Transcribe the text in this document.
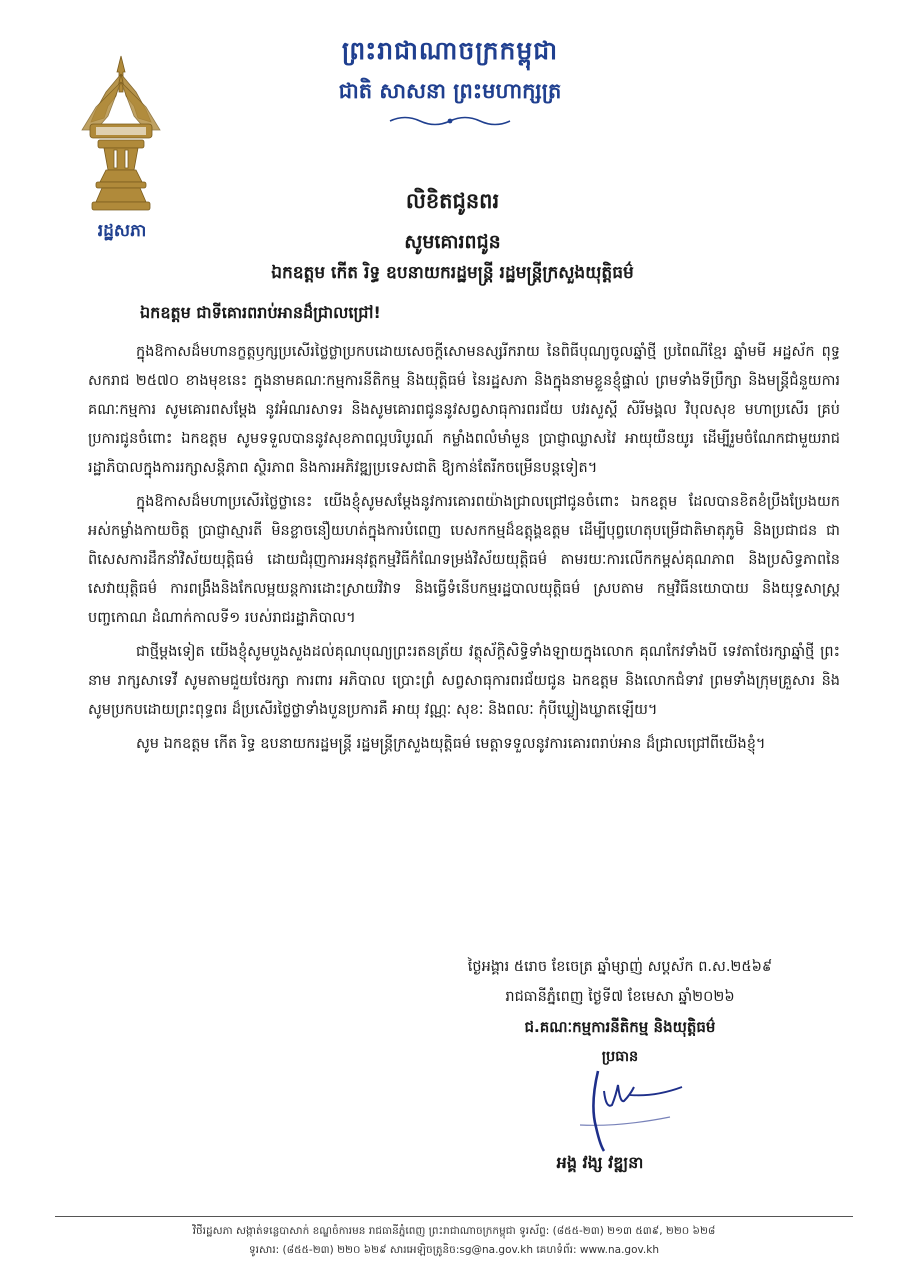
រដ្ឋសភា
ព្រះរាជាណាចក្រកម្ពុជា
ជាតិ សាសនា ព្រះមហាក្សត្រ
លិខិតជូនពរ
សូមគោរពជូន
ឯកឧត្តម កើត រិទ្ធ ឧបនាយករដ្ឋមន្ត្រី រដ្ឋមន្ត្រីក្រសួងយុត្តិធម៌
ឯកឧត្តម ជាទីគោរពរាប់អានដ៏ជ្រាលជ្រៅ!

ក្នុងឱកាសដ៏មហានក្ខត្តឫក្សប្រសើរថ្លៃថ្លាប្រកបដោយសេចក្តីសោមនស្សរីករាយ នៃពិធីបុណ្យចូលឆ្នាំថ្មី ប្រពៃណីខ្មែរ ឆ្នាំមមី អដ្ឋស័ក ពុទ្ធសករាជ ២៥៧០ ខាងមុខនេះ ក្នុងនាមគណៈកម្មការនីតិកម្ម និងយុត្តិធម៌ នៃរដ្ឋសភា និងក្នុងនាមខ្លួនខ្ញុំផ្ទាល់ ព្រមទាំងទីប្រឹក្សា និងមន្ត្រីជំនួយការគណៈកម្មការ សូមគោរពសម្តែង នូវអំណរសាទរ និងសូមគោរពជូននូវសព្វសាធុការពរជ័យ បវរសួស្តី សិរីមង្គល វិបុលសុខ មហាប្រសើរ គ្រប់ប្រការជូនចំពោះ ឯកឧត្តម សូមទទួលបាននូវសុខភាពល្អបរិបូរណ៍ កម្លាំងពលំមាំមួន ប្រាជ្ញាឈ្លាសវៃ អាយុយឺនយូរ ដើម្បីរួមចំណែកជាមួយរាជរដ្ឋាភិបាលក្នុងការរក្សាសន្តិភាព ស្ថិរភាព និងការអភិវឌ្ឍប្រទេសជាតិ ឱ្យកាន់តែរីកចម្រើនបន្តទៀត។

ក្នុងឱកាសដ៏មហាប្រសើរថ្លៃថ្លានេះ យើងខ្ញុំសូមសម្តែងនូវការគោរពយ៉ាងជ្រាលជ្រៅជូនចំពោះ ឯកឧត្តម ដែលបានខិតខំប្រឹងប្រែងយកអស់កម្លាំងកាយចិត្ត ប្រាជ្ញាស្មារតី មិនខ្លាចនឿយហត់ក្នុងការបំពេញ បេសកកម្មដ៏ឧត្តុង្គឧត្តម ដើម្បីបុព្វហេតុបម្រើជាតិមាតុភូមិ និងប្រជាជន ជាពិសេសការដឹកនាំវិស័យយុត្តិធម៌ ដោយជំរុញការអនុវត្តកម្មវិធីកំណែទម្រង់វិស័យយុត្តិធម៌ តាមរយៈការលើកកម្ពស់គុណភាព និងប្រសិទ្ធភាពនៃ សេវាយុត្តិធម៌ ការពង្រឹងនិងកែលម្អយន្តការដោះស្រាយវិវាទ និងធ្វើទំនើបកម្មរដ្ឋបាលយុត្តិធម៌ ស្របតាម កម្មវិធីនយោបាយ និងយុទ្ធសាស្ត្របញ្ចកោណ ដំណាក់កាលទី១ របស់រាជរដ្ឋាភិបាល។

ជាថ្មីម្តងទៀត យើងខ្ញុំសូមបួងសួងដល់គុណបុណ្យព្រះរតនត្រ័យ វត្ថុស័ក្តិសិទ្ធិទាំងឡាយក្នុងលោក គុណកែវទាំងបី ទេវតាថែរក្សាឆ្នាំថ្មី ព្រះនាម រាក្សសាទេវី សូមតាមជួយថែរក្សា ការពារ អភិបាល ប្រោះព្រំ សព្វសាធុការពរជ័យជូន ឯកឧត្តម និងលោកជំទាវ ព្រមទាំងក្រុមគ្រួសារ និងសូមប្រកបដោយព្រះពុទ្ធពរ ដ៏ប្រសើរថ្លៃថ្លាទាំងបួនប្រការគឺ អាយុ វណ្ណៈ សុខៈ និងពលៈ កុំបីឃ្លៀងឃ្លាតឡើយ។

សូម ឯកឧត្តម កើត រិទ្ធ ឧបនាយករដ្ឋមន្ត្រី រដ្ឋមន្ត្រីក្រសួងយុត្តិធម៌ មេត្តាទទួលនូវការគោរពរាប់អាន ដ៏ជ្រាលជ្រៅពីយើងខ្ញុំ។

ថ្ងៃអង្គារ ៥រោច ខែចេត្រ ឆ្នាំម្សាញ់ សប្តស័ក ព.ស.២៥៦៩
រាជធានីភ្នំពេញ ថ្ងៃទី៧ ខែមេសា ឆ្នាំ២០២៦
ជ.គណៈកម្មការនីតិកម្ម និងយុត្តិធម៌
ប្រធាន
អង្គ វង្ស វឌ្ឍនា
វិថីរដ្ឋសភា សង្កាត់ទន្លេបាសាក់ ខណ្ឌចំការមន រាជធានីភ្នំពេញ ព្រះរាជាណាចក្រកម្ពុជា ទូរស័ព្ទ: (៨៥៥-២៣) ២១៣ ៥៣៩, ២២០ ៦២៨
ទូរសារ: (៨៥៥-២៣) ២២០ ៦២៩ សារអេឡិចត្រូនិច:sg@na.gov.kh គេហទំព័រ: www.na.gov.kh
